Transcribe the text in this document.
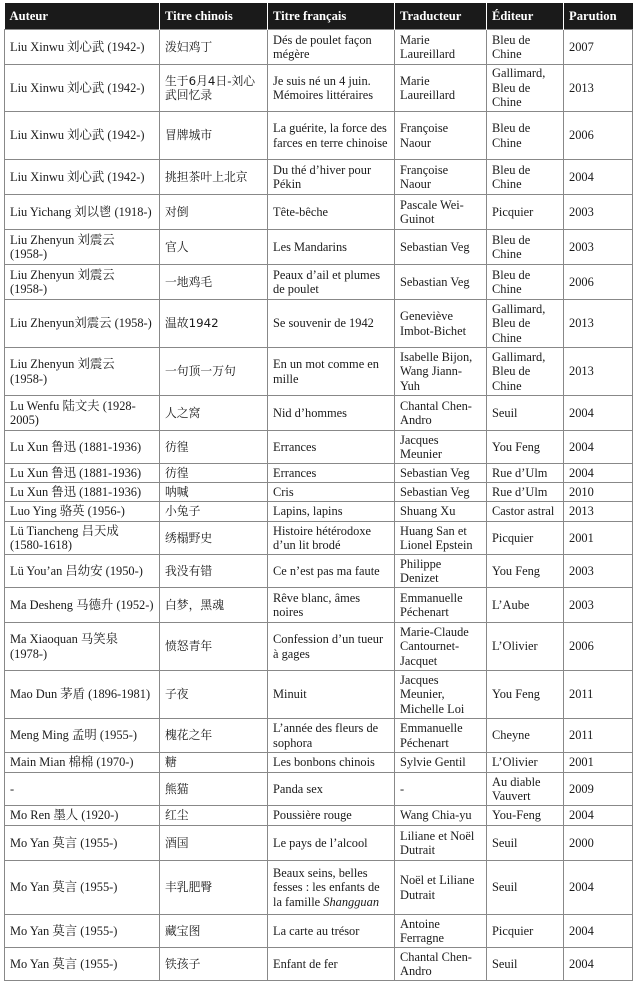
Auteur	Titre chinois	Titre français	Traducteur	Éditeur	Parution
Liu Xinwu 刘心武 (1942-)	泼妇鸡丁	Dés de poulet façon mégère	Marie Laureillard	Bleu de Chine	2007
Liu Xinwu 刘心武 (1942-)	生于6月4日-刘心武回忆录	Je suis né un 4 juin. Mémoires littéraires	Marie Laureillard	Gallimard, Bleu de Chine	2013
Liu Xinwu 刘心武 (1942-)	冒牌城市	La guérite, la force des farces en terre chinoise	Françoise Naour	Bleu de Chine	2006
Liu Xinwu 刘心武 (1942-)	挑担茶叶上北京	Du thé d’hiver pour Pékin	Françoise Naour	Bleu de Chine	2004
Liu Yichang 刘以鬯 (1918-)	对倒	Tête-bêche	Pascale Wei-Guinot	Picquier	2003
Liu Zhenyun 刘震云 (1958-)	官人	Les Mandarins	Sebastian Veg	Bleu de Chine	2003
Liu Zhenyun 刘震云 (1958-)	一地鸡毛	Peaux d’ail et plumes de poulet	Sebastian Veg	Bleu de Chine	2006
Liu Zhenyun刘震云 (1958-)	温故1942	Se souvenir de 1942	Geneviève Imbot-Bichet	Gallimard, Bleu de Chine	2013
Liu Zhenyun 刘震云 (1958-)	一句顶一万句	En un mot comme en mille	Isabelle Bijon, Wang Jiann-Yuh	Gallimard, Bleu de Chine	2013
Lu Wenfu 陆文夫 (1928-2005)	人之窝	Nid d’hommes	Chantal Chen-Andro	Seuil	2004
Lu Xun 鲁迅 (1881-1936)	彷徨	Errances	Jacques Meunier	You Feng	2004
Lu Xun 鲁迅 (1881-1936)	彷徨	Errances	Sebastian Veg	Rue d’Ulm	2004
Lu Xun 鲁迅 (1881-1936)	呐喊	Cris	Sebastian Veg	Rue d’Ulm	2010
Luo Ying 骆英 (1956-)	小兔子	Lapins, lapins	Shuang Xu	Castor astral	2013
Lü Tiancheng 吕天成 (1580-1618)	绣榻野史	Histoire hétérodoxe d’un lit brodé	Huang San et Lionel Epstein	Picquier	2001
Lü You’an 吕幼安 (1950-)	我没有错	Ce n’est pas ma faute	Philippe Denizet	You Feng	2003
Ma Desheng 马德升 (1952-)	白梦，黑魂	Rêve blanc, âmes noires	Emmanuelle Péchenart	L’Aube	2003
Ma Xiaoquan 马笑泉 (1978-)	愤怒青年	Confession d’un tueur à gages	Marie-Claude Cantournet-Jacquet	L’Olivier	2006
Mao Dun 茅盾 (1896-1981)	子夜	Minuit	Jacques Meunier, Michelle Loi	You Feng	2011
Meng Ming 孟明 (1955-)	槐花之年	L’année des fleurs de sophora	Emmanuelle Péchenart	Cheyne	2011
Main Mian 棉棉 (1970-)	糖	Les bonbons chinois	Sylvie Gentil	L’Olivier	2001
-	熊猫	Panda sex	-	Au diable Vauvert	2009
Mo Ren 墨人 (1920-)	红尘	Poussière rouge	Wang Chia-yu	You-Feng	2004
Mo Yan 莫言 (1955-)	酒国	Le pays de l’alcool	Liliane et Noël Dutrait	Seuil	2000
Mo Yan 莫言 (1955-)	丰乳肥臀	Beaux seins, belles fesses : les enfants de la famille Shangguan	Noël et Liliane Dutrait	Seuil	2004
Mo Yan 莫言 (1955-)	藏宝图	La carte au trésor	Antoine Ferragne	Picquier	2004
Mo Yan 莫言 (1955-)	铁孩子	Enfant de fer	Chantal Chen-Andro	Seuil	2004
